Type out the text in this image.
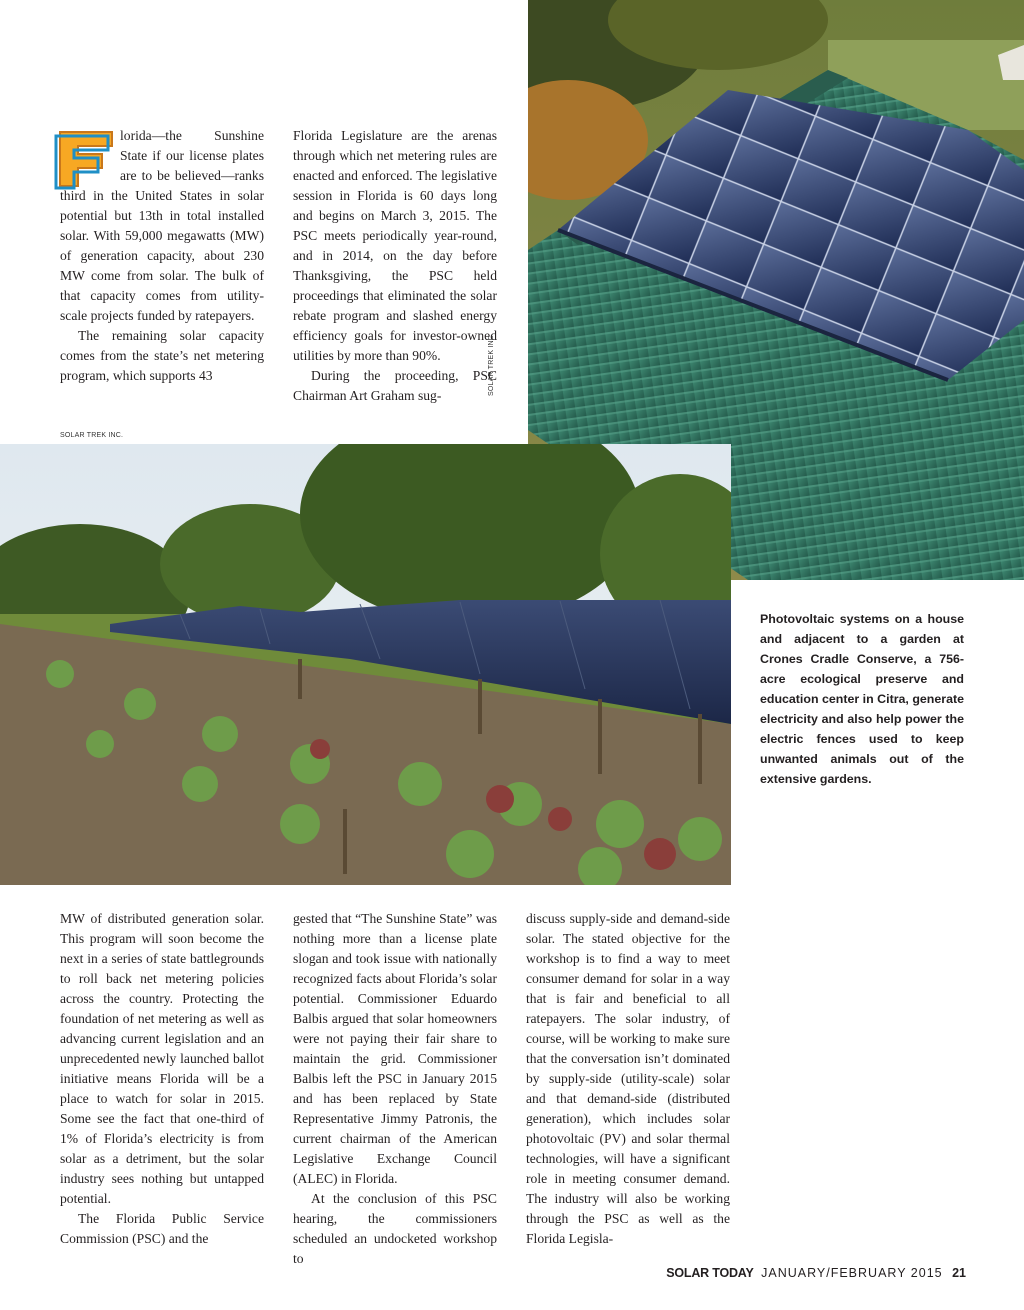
lorida—the Sunshine State if our license plates are to be believed—ranks third in the United States in solar potential but 13th in total installed solar. With 59,000 megawatts (MW) of generation capacity, about 230 MW come from solar. The bulk of that capacity comes from utility-scale projects funded by ratepayers.

The remaining solar capacity comes from the state’s net metering program, which supports 43

Florida Legislature are the arenas through which net metering rules are enacted and enforced. The legislative session in Florida is 60 days long and begins on March 3, 2015. The PSC meets periodically year-round, and in 2014, on the day before Thanksgiving, the PSC held proceedings that eliminated the solar rebate program and slashed energy efficiency goals for investor-owned utilities by more than 90%.

During the proceeding, PSC Chairman Art Graham sug-	SOLAR TREK INC.
SOLAR TREK INC.
Photovoltaic systems on a house and adjacent to a garden at Crones Cradle Conserve, a 756-acre ecological preserve and education center in Citra, generate electricity and also help power the electric fences used to keep unwanted animals out of the extensive gardens.

MW of distributed generation solar. This program will soon become the next in a series of state battlegrounds to roll back net metering policies across the country. Protecting the foundation of net metering as well as advancing current legislation and an unprecedented newly launched ballot initiative means Florida will be a place to watch for solar in 2015. Some see the fact that one-third of 1% of Florida’s electricity is from solar as a detriment, but the solar industry sees nothing but untapped potential.

The Florida Public Service Commission (PSC) and the

gested that “The Sunshine State” was nothing more than a license plate slogan and took issue with nationally recognized facts about Florida’s solar potential. Commissioner Eduardo Balbis argued that solar homeowners were not paying their fair share to maintain the grid. Commissioner Balbis left the PSC in January 2015 and has been replaced by State Representative Jimmy Patronis, the current chairman of the American Legislative Exchange Council (ALEC) in Florida.

At the conclusion of this PSC hearing, the commissioners scheduled an undocketed workshop to

discuss supply-side and demand-side solar. The stated objective for the workshop is to find a way to meet consumer demand for solar in a way that is fair and beneficial to all ratepayers. The solar industry, of course, will be working to make sure that the conversation isn’t dominated by supply-side (utility-scale) solar and that demand-side (distributed generation), which includes solar photovoltaic (PV) and solar thermal technologies, will have a significant role in meeting consumer demand. The industry will also be working through the PSC as well as the Florida Legisla-

SOLAR TODAY JANUARY/FEBRUARY 2015 21
